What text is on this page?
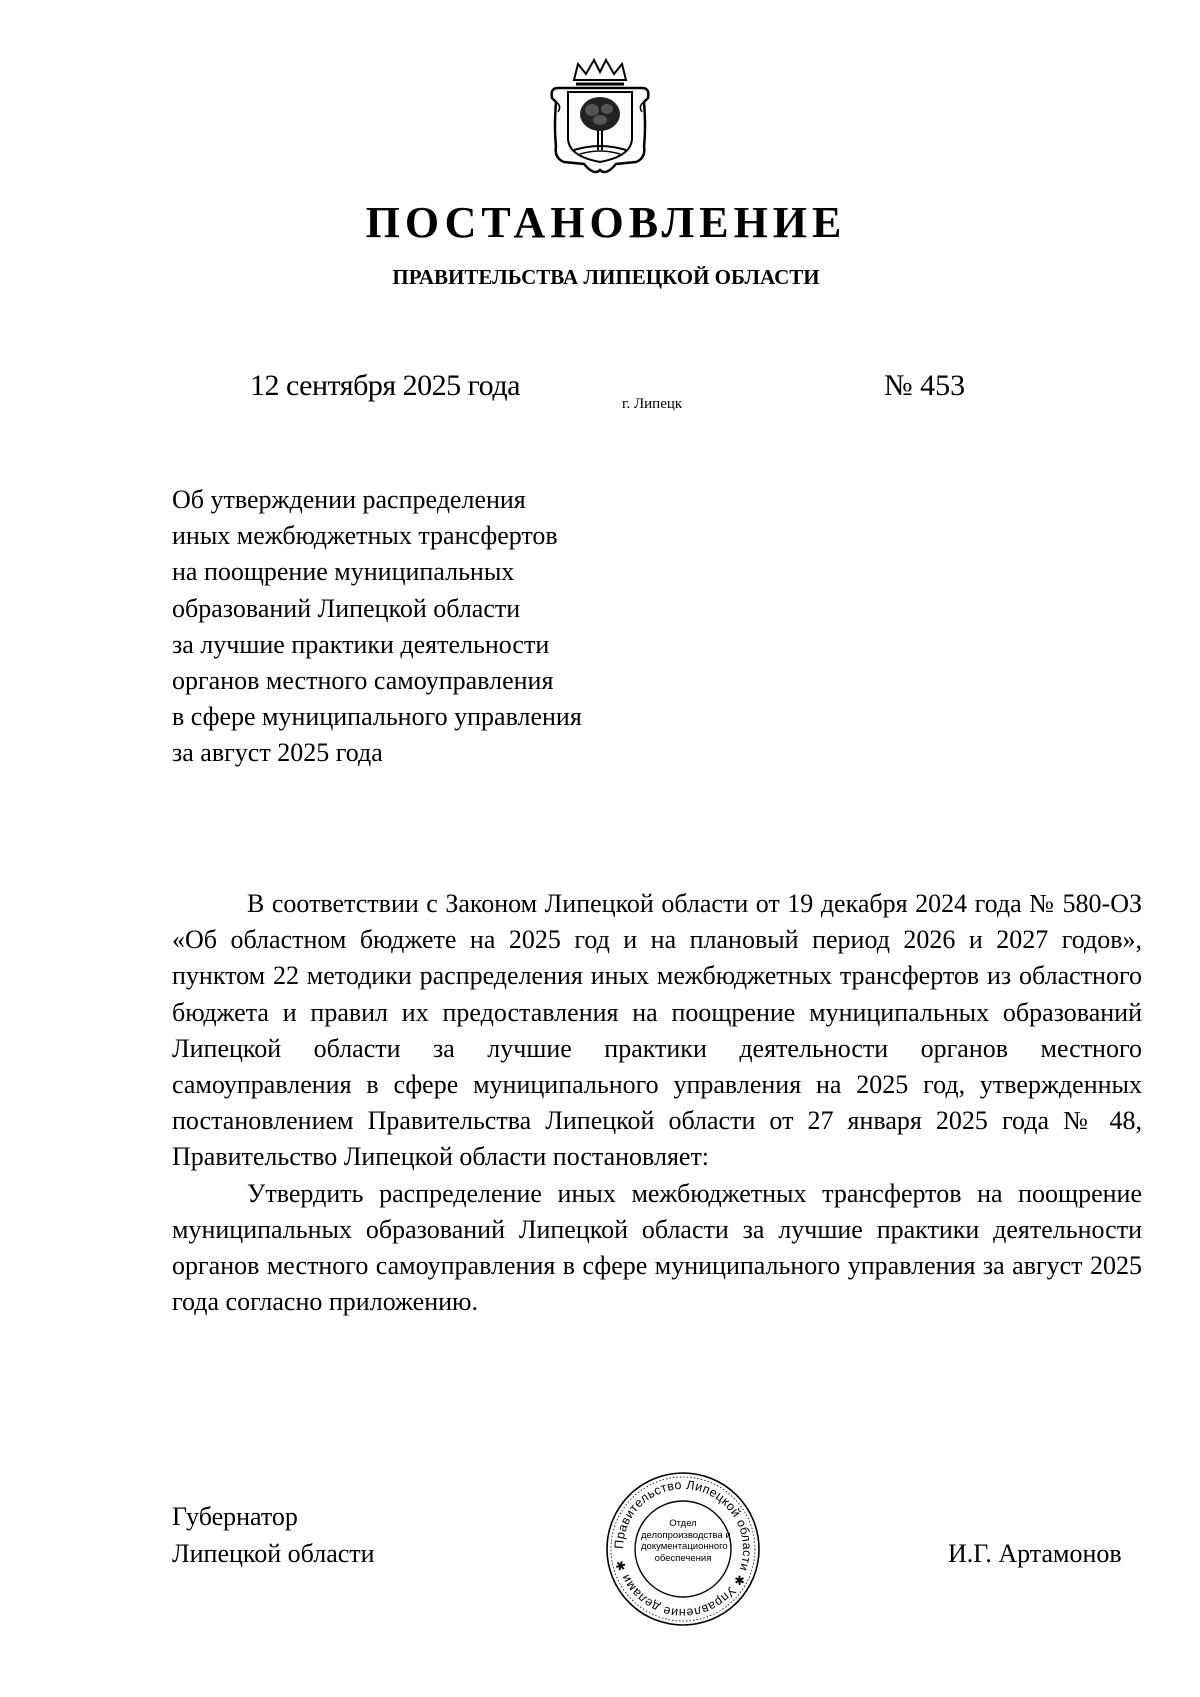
ПОСТАНОВЛЕНИЕ
ПРАВИТЕЛЬСТВА ЛИПЕЦКОЙ ОБЛАСТИ
12 сентября 2025 года
г. Липецк
№ 453
Об утверждении распределения
иных межбюджетных трансфертов
на поощрение муниципальных
образований Липецкой области
за лучшие практики деятельности
органов местного самоуправления
в сфере муниципального управления
за август 2025 года

В соответствии с Законом Липецкой области от 19 декабря 2024 года № 580-ОЗ «Об областном бюджете на 2025 год и на плановый период 2026 и 2027 годов», пунктом 22 методики распределения иных межбюджетных трансфертов из областного бюджета и правил их предоставления на поощрение муниципальных образований Липецкой области за лучшие практики деятельности органов местного самоуправления в сфере муниципального управления на 2025 год, утвержденных постановлением Правительства Липецкой области от 27 января 2025 года № 48, Правительство Липецкой области постановляет:

Утвердить распределение иных межбюджетных трансфертов на поощрение муниципальных образований Липецкой области за лучшие практики деятельности органов местного самоуправления в сфере муниципального управления за август 2025 года согласно приложению.

Губернатор
Липецкой области	И.Г. Артамонов
Правительство Липецкой области ✱ Управление делами ✱
Отдел
делопроизводства и
документационного
обеспечения
